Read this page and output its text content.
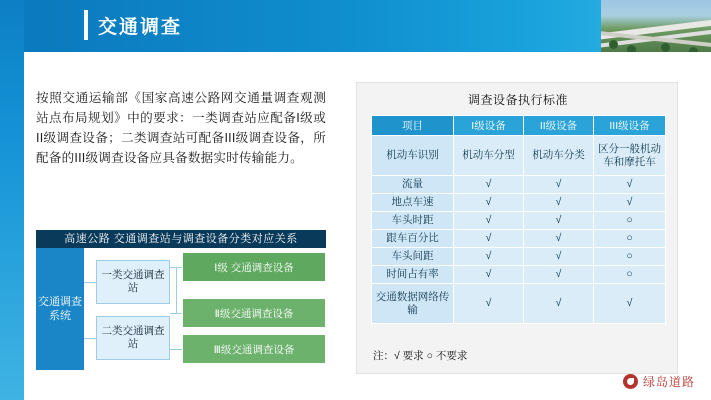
交通调查
按照交通运输部《国家高速公路网交通量调查观测站点布局规划》中的要求：一类调查站应配备I级或II级调查设备；二类调查站可配备III级调查设备，所配备的III级调查设备应具备数据实时传输能力。
高速公路 交通调查站与调查设备分类对应关系
交通调查系统
一类交通调查站
二类交通调查站
Ⅰ级 交通调查设备
Ⅱ级交通调查设备
Ⅲ级交通调查设备
调查设备执行标准
项目	I级设备	II级设备	III级设备
机动车识别	机动车分型	机动车分类	区分一般机动车和摩托车
流量	√	√	√
地点车速	√	√	√
车头时距	√	√	○
跟车百分比	√	√	○
车头间距	√	√	○
时间占有率	√	√	○
交通数据网络传输	√	√	√
注：√ 要求 ○ 不要求
绿岛道路
